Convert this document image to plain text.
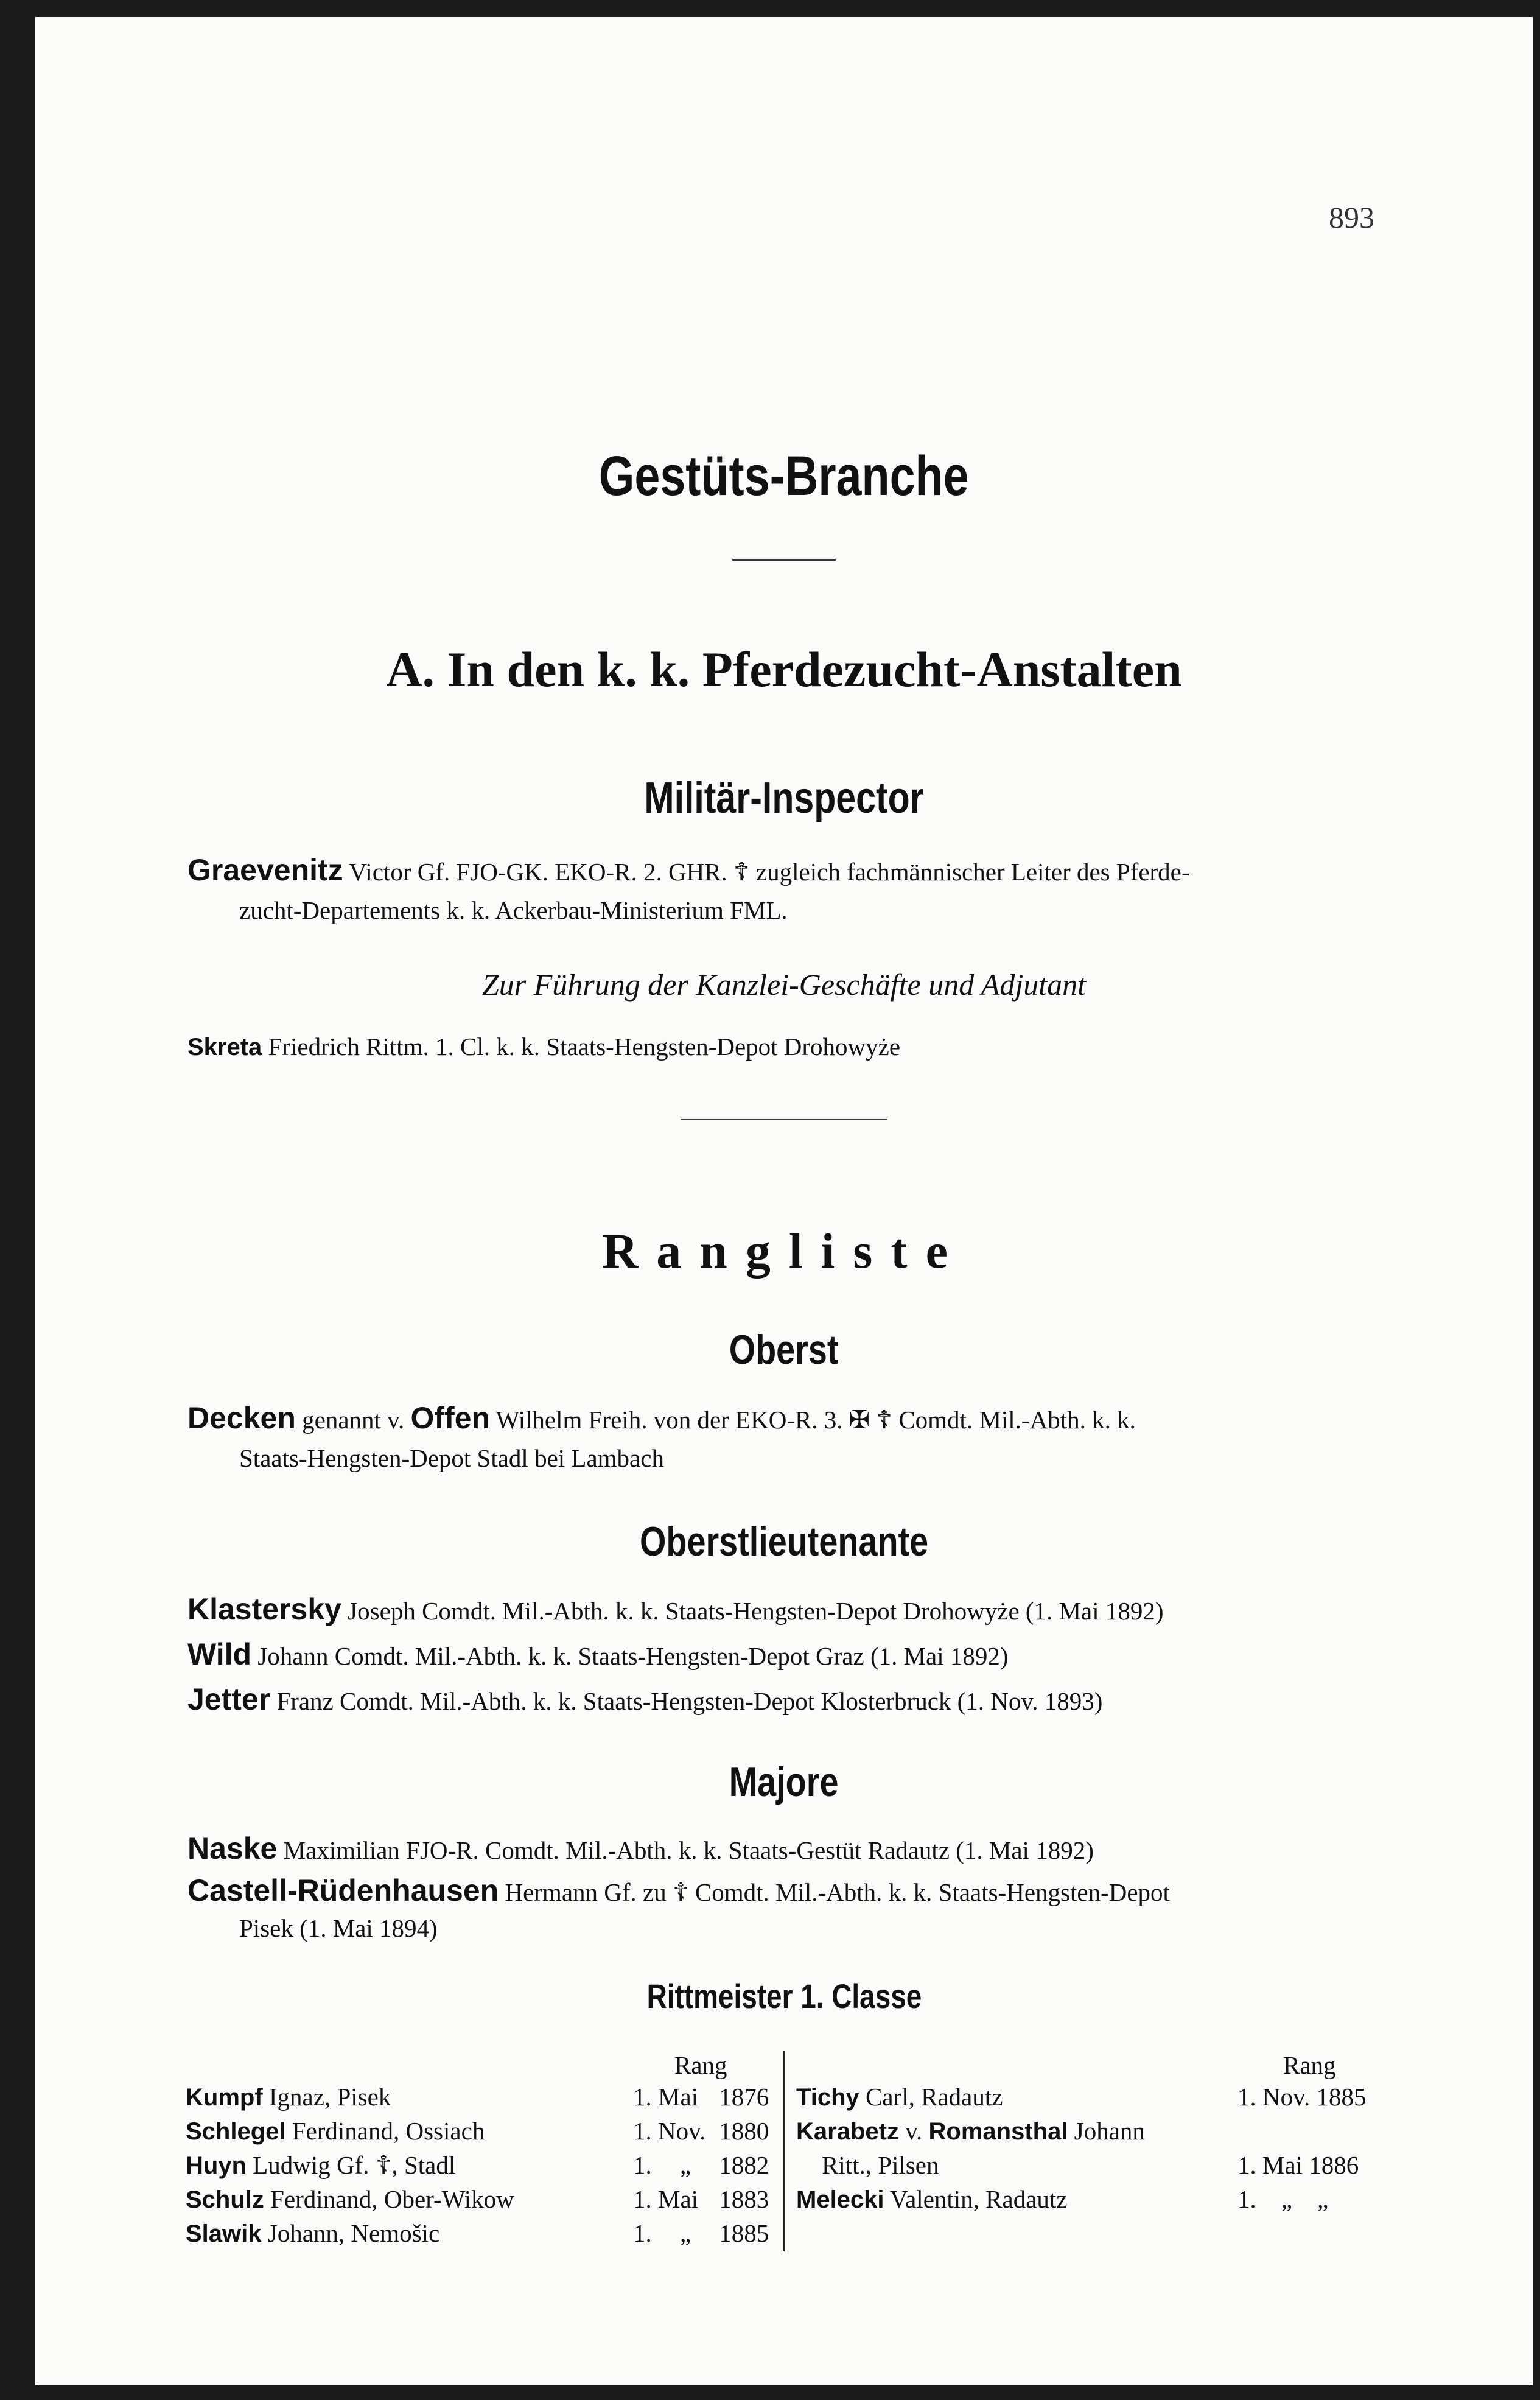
893
Gestüts-Branche
A. In den k. k. Pferdezucht-Anstalten
Militär-Inspector
Graevenitz Victor Gf. FJO-GK. EKO-R. 2. GHR. ☦ zugleich fachmännischer Leiter des Pferde-
zucht-Departements k. k. Ackerbau-Ministerium FML.
Zur Führung der Kanzlei-Geschäfte und Adjutant
Skreta Friedrich Rittm. 1. Cl. k. k. Staats-Hengsten-Depot Drohowyże
Rangliste
Oberst
Decken genannt v. Offen Wilhelm Freih. von der EKO-R. 3. ✠ ☦ Comdt. Mil.-Abth. k. k.
Staats-Hengsten-Depot Stadl bei Lambach
Oberstlieutenante
Klastersky Joseph Comdt. Mil.-Abth. k. k. Staats-Hengsten-Depot Drohowyże (1. Mai 1892)
Wild Johann Comdt. Mil.-Abth. k. k. Staats-Hengsten-Depot Graz (1. Mai 1892)
Jetter Franz Comdt. Mil.-Abth. k. k. Staats-Hengsten-Depot Klosterbruck (1. Nov. 1893)
Majore
Naske Maximilian FJO-R. Comdt. Mil.-Abth. k. k. Staats-Gestüt Radautz (1. Mai 1892)
Castell-Rüdenhausen Hermann Gf. zu ☦ Comdt. Mil.-Abth. k. k. Staats-Hengsten-Depot
Pisek (1. Mai 1894)
Rittmeister 1. Classe
Rang	Rang
Kumpf Ignaz, Pisek	1. Mai 1876
Schlegel Ferdinand, Ossiach	1. Nov. 1880
Huyn Ludwig Gf. ☦, Stadl	1. „ 1882
Schulz Ferdinand, Ober-Wikow	1. Mai 1883
Slawik Johann, Nemošic	1. „ 1885
Tichy Carl, Radautz	1. Nov. 1885
Karabetz v. Romansthal Johann
Ritt., Pilsen	1. Mai 1886
Melecki Valentin, Radautz	1.    „    „
